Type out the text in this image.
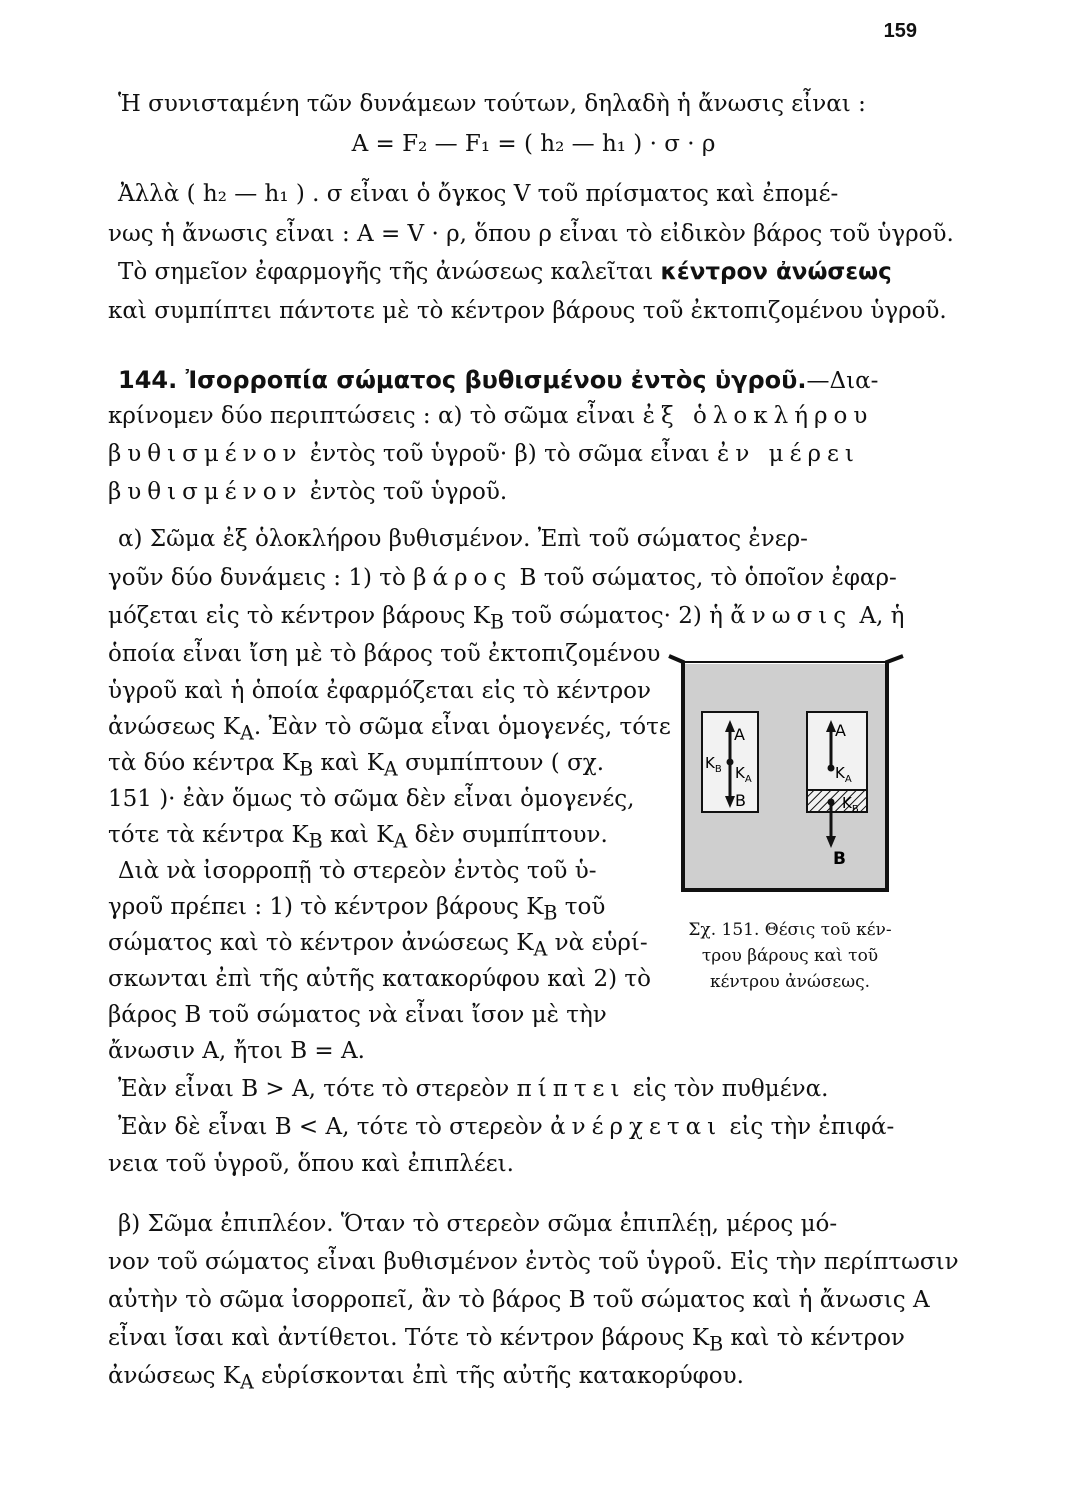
159
Ἡ συνισταμένη τῶν δυνάμεων τούτων, δηλαδὴ ἡ ἄνωσις εἶναι :
A = F₂ — F₁ = ( h₂ — h₁ ) · σ · ρ
Ἀλλὰ ( h₂ — h₁ ) . σ εἶναι ὁ ὄγκος V τοῦ πρίσματος καὶ ἐπομέ-
νως ἡ ἄνωσις εἶναι : A = V · ρ, ὅπου ρ εἶναι τὸ εἰδικὸν βάρος τοῦ ὑγροῦ.
Τὸ σημεῖον ἐφαρμογῆς τῆς ἀνώσεως καλεῖται κέντρον ἀνώσεως
καὶ συμπίπτει πάντοτε μὲ τὸ κέντρον βάρους τοῦ ἐκτοπιζομένου ὑγροῦ.
144. Ἰσορροπία σώματος βυθισμένου ἐντὸς ὑγροῦ.—Δια-
κρίνομεν δύο περιπτώσεις : α) τὸ σῶμα εἶναι ἐξ ὁλοκλήρου
βυθισμένον ἐντὸς τοῦ ὑγροῦ· β) τὸ σῶμα εἶναι ἐν μέρει
βυθισμένον ἐντὸς τοῦ ὑγροῦ.
α) Σῶμα ἐξ ὁλοκλήρου βυθισμένον. Ἐπὶ τοῦ σώματος ἐνερ-
γοῦν δύο δυνάμεις : 1) τὸ βάρος B τοῦ σώματος, τὸ ὁποῖον ἐφαρ-
μόζεται εἰς τὸ κέντρον βάρους $K_B$ τοῦ σώματος· 2) ἡ ἄνωσις A, ἡ
ὁποία εἶναι ἴση μὲ τὸ βάρος τοῦ ἐκτοπιζομένου
ὑγροῦ καὶ ἡ ὁποία ἐφαρμόζεται εἰς τὸ κέντρον
ἀνώσεως $K_A$. Ἐὰν τὸ σῶμα εἶναι ὁμογενές, τότε
τὰ δύο κέντρα $K_B$ καὶ $K_A$ συμπίπτουν ( σχ.
151 )· ἐὰν ὅμως τὸ σῶμα δὲν εἶναι ὁμογενές,
τότε τὰ κέντρα $K_B$ καὶ $K_A$ δὲν συμπίπτουν.
Διὰ νὰ ἰσορροπῇ τὸ στερεὸν ἐντὸς τοῦ ὑ-
γροῦ πρέπει : 1) τὸ κέντρον βάρους $K_B$ τοῦ
σώματος καὶ τὸ κέντρον ἀνώσεως $K_A$ νὰ εὑρί-
σκωνται ἐπὶ τῆς αὐτῆς κατακορύφου καὶ 2) τὸ
βάρος B τοῦ σώματος νὰ εἶναι ἴσον μὲ τὴν
ἄνωσιν A, ἤτοι B = A.
Ἐὰν εἶναι B > A, τότε τὸ στερεὸν πίπτει εἰς τὸν πυθμένα.
Ἐὰν δὲ εἶναι B < A, τότε τὸ στερεὸν ἀνέρχεται εἰς τὴν ἐπιφά-
νεια τοῦ ὑγροῦ, ὅπου καὶ ἐπιπλέει.
A
$K_B$ $K_A$
B
A
$K_A$
$K_B$
B
Σχ. 151. Θέσις τοῦ κέν-
τρου βάρους καὶ τοῦ
κέντρου ἀνώσεως.
β) Σῶμα ἐπιπλέον. Ὅταν τὸ στερεὸν σῶμα ἐπιπλέῃ, μέρος μό-
νον τοῦ σώματος εἶναι βυθισμένον ἐντὸς τοῦ ὑγροῦ. Εἰς τὴν περίπτωσιν
αὐτὴν τὸ σῶμα ἰσορροπεῖ, ἂν τὸ βάρος B τοῦ σώματος καὶ ἡ ἄνωσις A
εἶναι ἴσαι καὶ ἀντίθετοι. Τότε τὸ κέντρον βάρους $K_B$ καὶ τὸ κέντρον
ἀνώσεως $K_A$ εὑρίσκονται ἐπὶ τῆς αὐτῆς κατακορύφου.
